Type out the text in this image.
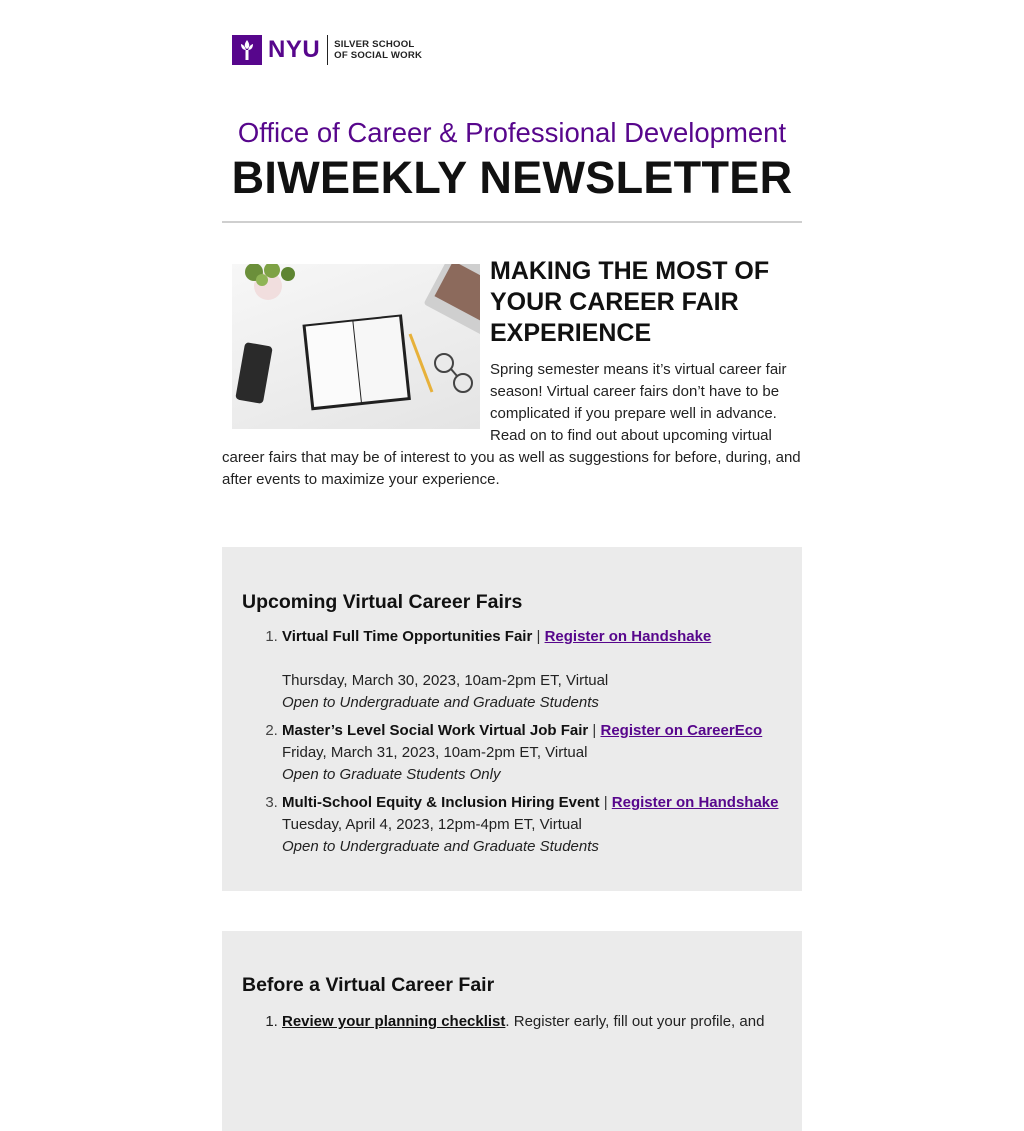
NYU SILVER SCHOOL
OF SOCIAL WORK
Office of Career & Professional Development
BIWEEKLY NEWSLETTER
MAKING THE MOST OF YOUR CAREER FAIR EXPERIENCE

Spring semester means it’s virtual career fair season! Virtual career fairs don’t have to be complicated if you prepare well in advance. Read on to find out about upcoming virtual career fairs that may be of interest to you as well as suggestions for before, during, and after events to maximize your experience.

Upcoming Virtual Career Fairs
1. Virtual Full Time Opportunities Fair | Register on Handshake
Thursday, March 30, 2023, 10am-2pm ET, Virtual
Open to Undergraduate and Graduate Students
2. Master’s Level Social Work Virtual Job Fair | Register on CareerEco
Friday, March 31, 2023, 10am-2pm ET, Virtual
Open to Graduate Students Only
3. Multi-School Equity & Inclusion Hiring Event | Register on Handshake
Tuesday, April 4, 2023, 12pm-4pm ET, Virtual
Open to Undergraduate and Graduate Students
Before a Virtual Career Fair
1. Review your planning checklist. Register early, fill out your profile, and
